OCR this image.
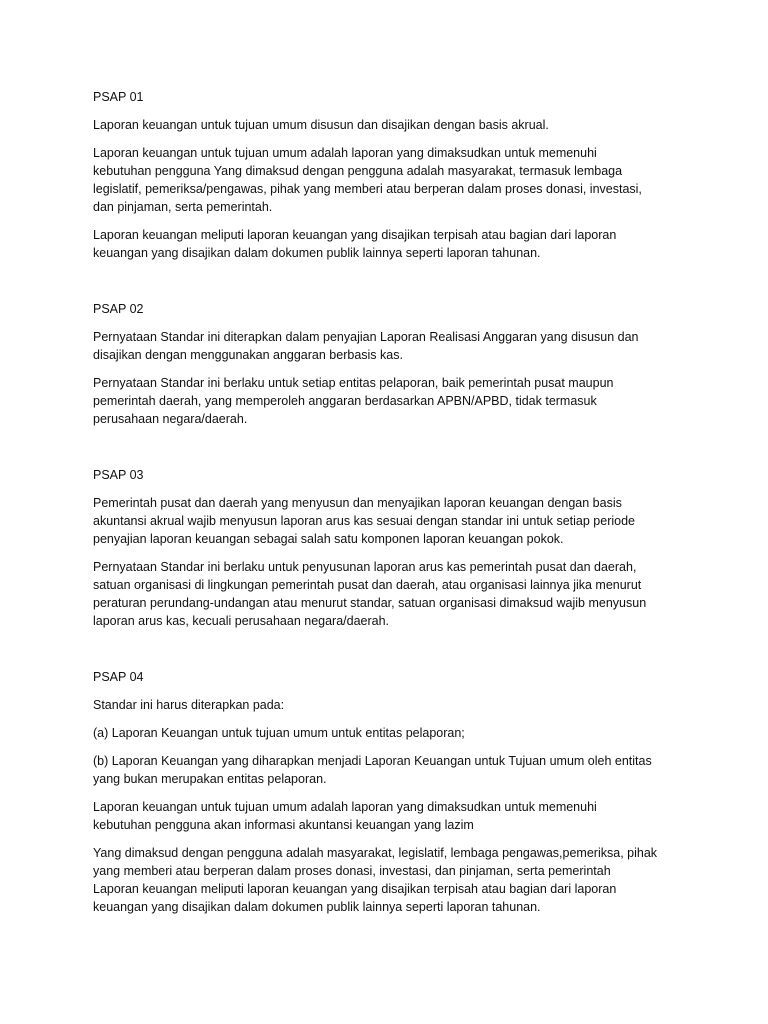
PSAP 01
Laporan keuangan untuk tujuan umum disusun dan disajikan dengan basis akrual.
Laporan keuangan untuk tujuan umum adalah laporan yang dimaksudkan untuk memenuhi
kebutuhan pengguna Yang dimaksud dengan pengguna adalah masyarakat, termasuk lembaga
legislatif, pemeriksa/pengawas, pihak yang memberi atau berperan dalam proses donasi, investasi,
dan pinjaman, serta pemerintah.
Laporan keuangan meliputi laporan keuangan yang disajikan terpisah atau bagian dari laporan
keuangan yang disajikan dalam dokumen publik lainnya seperti laporan tahunan.
PSAP 02
Pernyataan Standar ini diterapkan dalam penyajian Laporan Realisasi Anggaran yang disusun dan
disajikan dengan menggunakan anggaran berbasis kas.
Pernyataan Standar ini berlaku untuk setiap entitas pelaporan, baik pemerintah pusat maupun
pemerintah daerah, yang memperoleh anggaran berdasarkan APBN/APBD, tidak termasuk
perusahaan negara/daerah.
PSAP 03
Pemerintah pusat dan daerah yang menyusun dan menyajikan laporan keuangan dengan basis
akuntansi akrual wajib menyusun laporan arus kas sesuai dengan standar ini untuk setiap periode
penyajian laporan keuangan sebagai salah satu komponen laporan keuangan pokok.
Pernyataan Standar ini berlaku untuk penyusunan laporan arus kas pemerintah pusat dan daerah,
satuan organisasi di lingkungan pemerintah pusat dan daerah, atau organisasi lainnya jika menurut
peraturan perundang-undangan atau menurut standar, satuan organisasi dimaksud wajib menyusun
laporan arus kas, kecuali perusahaan negara/daerah.
PSAP 04
Standar ini harus diterapkan pada:
(a) Laporan Keuangan untuk tujuan umum untuk entitas pelaporan;
(b) Laporan Keuangan yang diharapkan menjadi Laporan Keuangan untuk Tujuan umum oleh entitas
yang bukan merupakan entitas pelaporan.
Laporan keuangan untuk tujuan umum adalah laporan yang dimaksudkan untuk memenuhi
kebutuhan pengguna akan informasi akuntansi keuangan yang lazim
Yang dimaksud dengan pengguna adalah masyarakat, legislatif, lembaga pengawas,pemeriksa, pihak
yang memberi atau berperan dalam proses donasi, investasi, dan pinjaman, serta pemerintah
Laporan keuangan meliputi laporan keuangan yang disajikan terpisah atau bagian dari laporan
keuangan yang disajikan dalam dokumen publik lainnya seperti laporan tahunan.
